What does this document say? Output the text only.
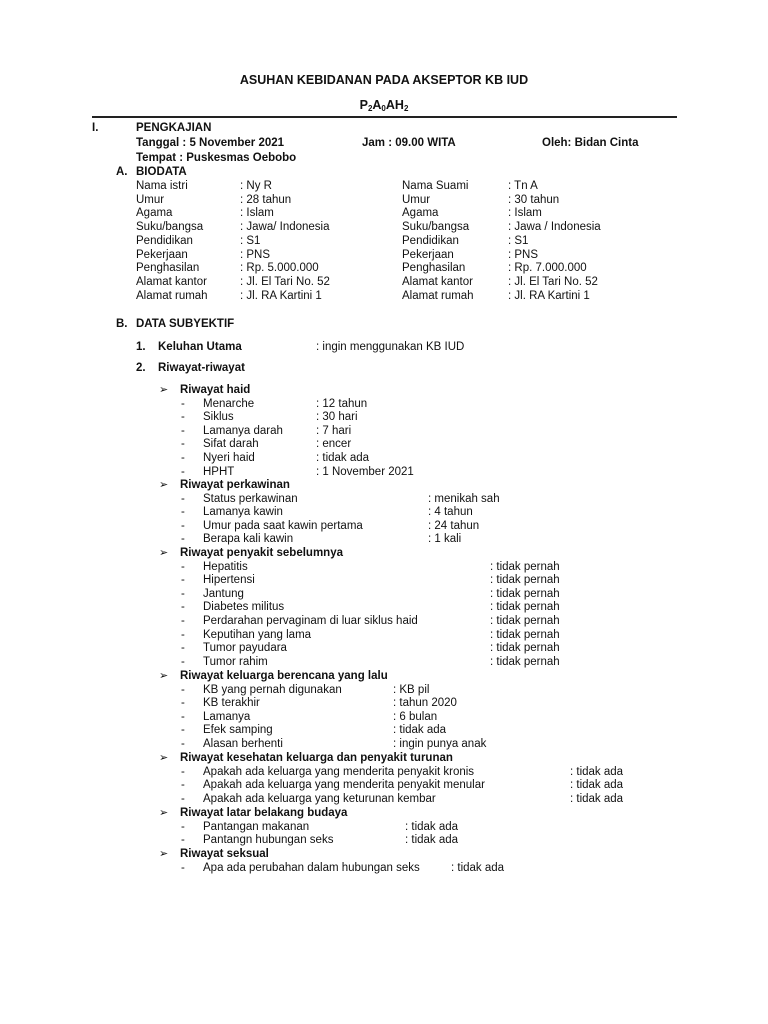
ASUHAN KEBIDANAN PADA AKSEPTOR KB IUD
$P_2A_0AH_2$
I.	PENGKAJIAN
Tanggal : 5 November 2021	Jam : 09.00 WITA	Oleh: Bidan Cinta
Tempat : Puskesmas Oebobo
A. BIODATA
Nama istri	: Ny R	Nama Suami	: Tn A
Umur	: 28 tahun	Umur	: 30 tahun
Agama	: Islam	Agama	: Islam
Suku/bangsa	: Jawa/ Indonesia	Suku/bangsa	: Jawa / Indonesia
Pendidikan	: S1	Pendidikan	: S1
Pekerjaan	: PNS	Pekerjaan	: PNS
Penghasilan	: Rp. 5.000.000	Penghasilan	: Rp. 7.000.000
Alamat kantor	: Jl. El Tari No. 52	Alamat kantor	: Jl. El Tari No. 52
Alamat rumah	: Jl. RA Kartini 1	Alamat rumah	: Jl. RA Kartini 1
B. DATA SUBYEKTIF
1. Keluhan Utama	: ingin menggunakan KB IUD
2. Riwayat-riwayat
➢ Riwayat haid
- Menarche	: 12 tahun
- Siklus	: 30 hari
- Lamanya darah	: 7 hari
- Sifat darah	: encer
- Nyeri haid	: tidak ada
- HPHT	: 1 November 2021
➢ Riwayat perkawinan
- Status perkawinan	: menikah sah
- Lamanya kawin	: 4 tahun
- Umur pada saat kawin pertama	: 24 tahun
- Berapa kali kawin	: 1 kali
➢ Riwayat penyakit sebelumnya
- Hepatitis	: tidak pernah
- Hipertensi	: tidak pernah
- Jantung	: tidak pernah
- Diabetes militus	: tidak pernah
- Perdarahan pervaginam di luar siklus haid	: tidak pernah
- Keputihan yang lama	: tidak pernah
- Tumor payudara	: tidak pernah
- Tumor rahim	: tidak pernah
➢ Riwayat keluarga berencana yang lalu
- KB yang pernah digunakan	: KB pil
- KB terakhir	: tahun 2020
- Lamanya	: 6 bulan
- Efek samping	: tidak ada
- Alasan berhenti	: ingin punya anak
➢ Riwayat kesehatan keluarga dan penyakit turunan
- Apakah ada keluarga yang menderita penyakit kronis	: tidak ada
- Apakah ada keluarga yang menderita penyakit menular	: tidak ada
- Apakah ada keluarga yang keturunan kembar	: tidak ada
➢ Riwayat latar belakang budaya
- Pantangan makanan	: tidak ada
- Pantangn hubungan seks	: tidak ada
➢ Riwayat seksual
- Apa ada perubahan dalam hubungan seks	: tidak ada
